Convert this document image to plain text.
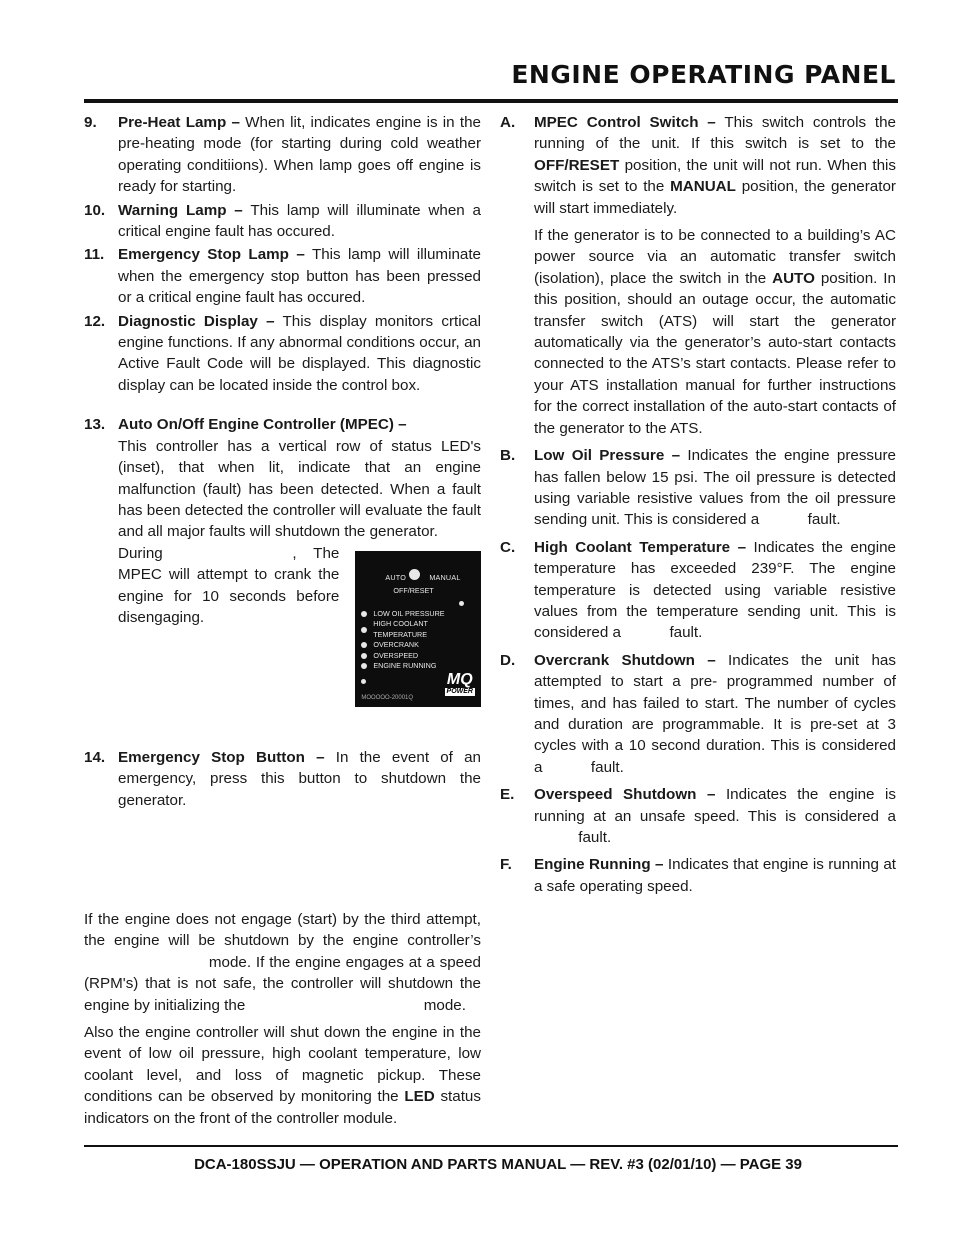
ENGINE OPERATING PANEL
9. Pre-Heat Lamp – When lit, indicates engine is in the pre-heating mode (for starting during cold weather operating conditiions). When lamp goes off engine is ready for starting.
10. Warning Lamp – This lamp will illuminate when a critical engine fault has occured.
11. Emergency Stop Lamp – This lamp will illuminate when the emergency stop button has been pressed or a critical engine fault has occured.
12. Diagnostic Display – This display monitors crtical engine functions. If any abnormal conditions occur, an Active Fault Code will be displayed. This diagnostic display can be located inside the control box.
13. Auto On/Off Engine Controller (MPEC) –

This controller has a vertical row of status LED's (inset), that when lit, indicate that an engine malfunction (fault) has been detected. When a fault has been detected the controller will evaluate the fault and all major faults will shutdown the generator.

During	, The MPEC will attempt to crank the engine for 10 seconds before disengaging.
AUTO	MANUAL
OFF/RESET
LOW OIL PRESSURE
HIGH COOLANT TEMPERATURE
OVERCRANK
OVERSPEED
ENGINE RUNNING
MQ
POWER
MOOOOO-20001Q
14. Emergency Stop Button – In the event of an emergency, press this button to shutdown the generator.

If the engine does not engage (start) by the third attempt, the engine will be shutdown by the engine controller’s  mode. If the engine engages at a speed (RPM's) that is not safe, the controller will shutdown the engine by initializing the	mode.

Also the engine controller will shut down the engine in the event of low oil pressure, high coolant temperature, low coolant level, and loss of magnetic pickup. These conditions can be observed by monitoring the LED status indicators on the front of the controller module.

A. MPEC Control Switch – This switch controls the running of the unit. If this switch is set to the OFF/RESET position, the unit will not run. When this switch is set to the MANUAL position, the generator will start immediately.

If the generator is to be connected to a building’s AC power source via an automatic transfer switch (isolation), place the switch in the AUTO position. In this position, should an outage occur, the automatic transfer switch (ATS) will start the generator automatically via the generator’s auto-start contacts connected to the ATS’s start contacts. Please refer to your ATS installation manual for further instructions for the correct installation of the auto-start contacts of the generator to the ATS.

B. Low Oil Pressure – Indicates the engine pressure has fallen below 15 psi. The oil pressure is detected using variable resistive values from the oil pressure sending unit. This is considered a	fault.
C. High Coolant Temperature – Indicates the engine temperature has exceeded 239°F. The engine temperature is detected using variable resistive values from the temperature sending unit. This is considered a	fault.
D. Overcrank Shutdown – Indicates the unit has attempted to start a pre- programmed number of times, and has failed to start. The number of cycles and duration are programmable. It is pre-set at 3 cycles with a 10 second duration. This is considered a	fault.
E. Overspeed Shutdown – Indicates the engine is running at an unsafe speed. This is considered a  fault.
F. Engine Running – Indicates that engine is running at a safe operating speed.
DCA-180SSJU — OPERATION AND PARTS MANUAL — REV. #3 (02/01/10) — PAGE 39
